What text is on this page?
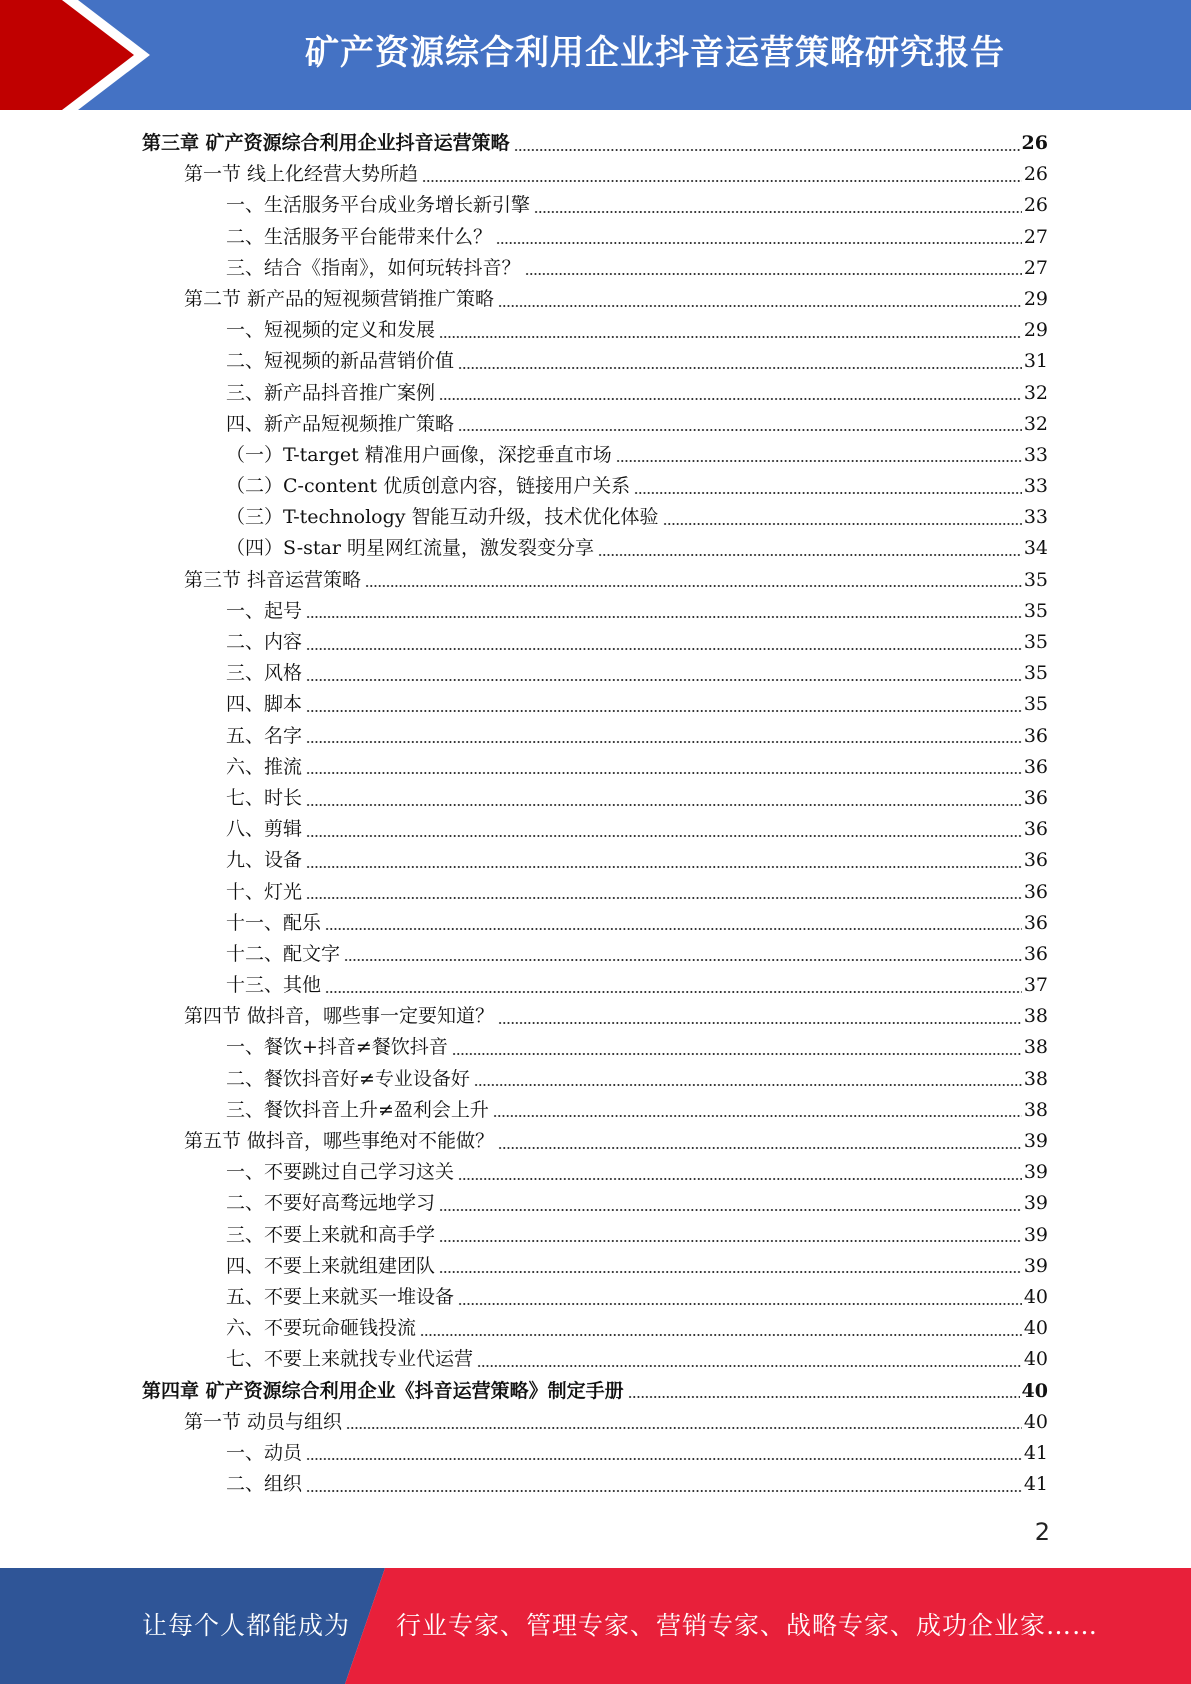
矿产资源综合利用企业抖音运营策略研究报告
第三章 矿产资源综合利用企业抖音运营策略	26
第一节 线上化经营大势所趋	26
一、生活服务平台成业务增长新引擎	26
二、生活服务平台能带来什么？	27
三、结合《指南》，如何玩转抖音？	27
第二节 新产品的短视频营销推广策略	29
一、短视频的定义和发展	29
二、短视频的新品营销价值	31
三、新产品抖音推广案例	32
四、新产品短视频推广策略	32
（一）T-target 精准用户画像，深挖垂直市场	33
（二）C-content 优质创意内容，链接用户关系	33
（三）T-technology 智能互动升级，技术优化体验	33
（四）S-star 明星网红流量，激发裂变分享	34
第三节 抖音运营策略	35
一、起号	35
二、内容	35
三、风格	35
四、脚本	35
五、名字	36
六、推流	36
七、时长	36
八、剪辑	36
九、设备	36
十、灯光	36
十一、配乐	36
十二、配文字	36
十三、其他	37
第四节 做抖音，哪些事一定要知道？	38
一、餐饮+抖音≠餐饮抖音	38
二、餐饮抖音好≠专业设备好	38
三、餐饮抖音上升≠盈利会上升	38
第五节 做抖音，哪些事绝对不能做？	39
一、不要跳过自己学习这关	39
二、不要好高骛远地学习	39
三、不要上来就和高手学	39
四、不要上来就组建团队	39
五、不要上来就买一堆设备	40
六、不要玩命砸钱投流	40
七、不要上来就找专业代运营	40
第四章 矿产资源综合利用企业《抖音运营策略》制定手册	40
第一节 动员与组织	40
一、动员	41
二、组织	41
2
让每个人都能成为 行业专家、管理专家、营销专家、战略专家、成功企业家……
